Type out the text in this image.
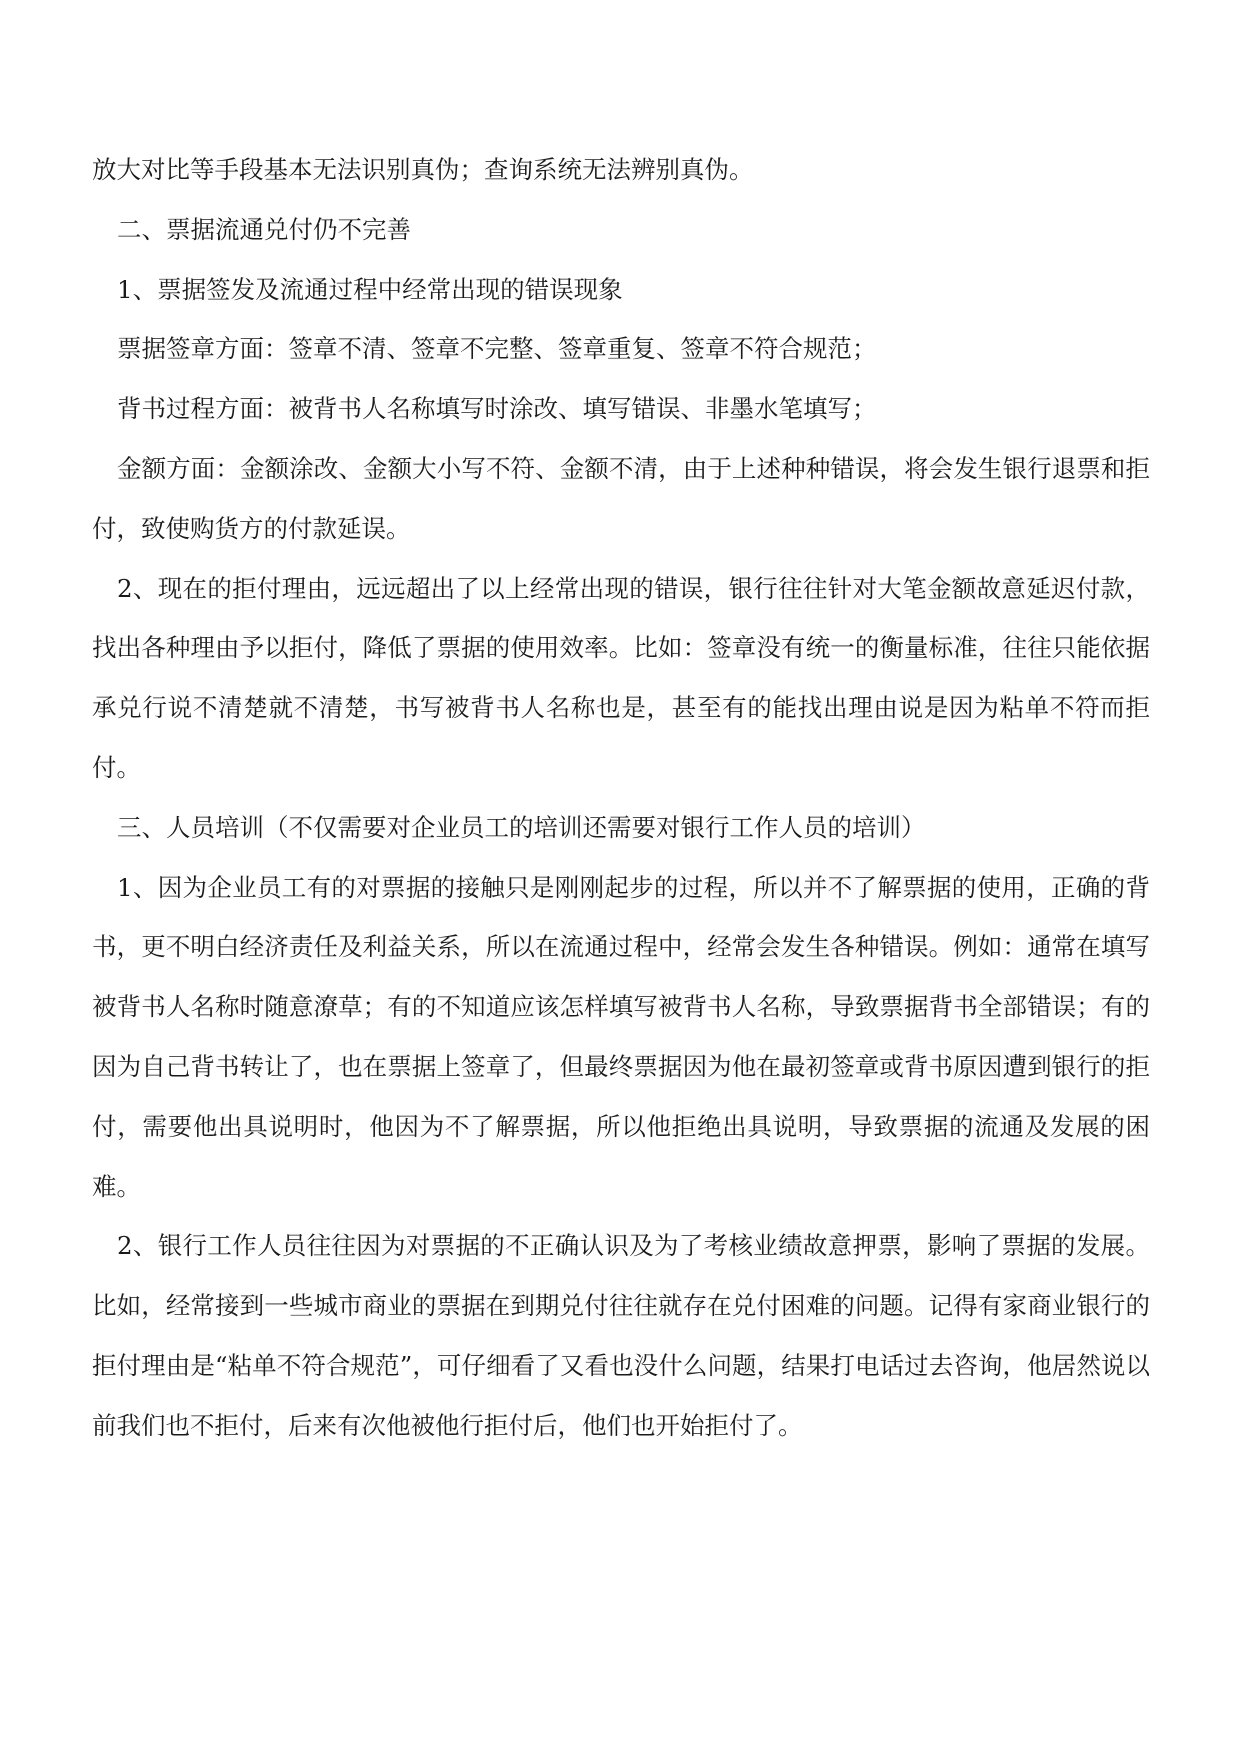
放大对比等手段基本无法识别真伪；查询系统无法辨别真伪。

二、票据流通兑付仍不完善

1、票据签发及流通过程中经常出现的错误现象

票据签章方面：签章不清、签章不完整、签章重复、签章不符合规范；

背书过程方面：被背书人名称填写时涂改、填写错误、非墨水笔填写；

金额方面：金额涂改、金额大小写不符、金额不清，由于上述种种错误，将会发生银行退票和拒付，致使购货方的付款延误。

2、现在的拒付理由，远远超出了以上经常出现的错误，银行往往针对大笔金额故意延迟付款，找出各种理由予以拒付，降低了票据的使用效率。比如：签章没有统一的衡量标准，往往只能依据承兑行说不清楚就不清楚，书写被背书人名称也是，甚至有的能找出理由说是因为粘单不符而拒付。

三、人员培训（不仅需要对企业员工的培训还需要对银行工作人员的培训）

1、因为企业员工有的对票据的接触只是刚刚起步的过程，所以并不了解票据的使用，正确的背书，更不明白经济责任及利益关系，所以在流通过程中，经常会发生各种错误。例如：通常在填写被背书人名称时随意潦草；有的不知道应该怎样填写被背书人名称，导致票据背书全部错误；有的因为自己背书转让了，也在票据上签章了，但最终票据因为他在最初签章或背书原因遭到银行的拒付，需要他出具说明时，他因为不了解票据，所以他拒绝出具说明，导致票据的流通及发展的困难。

2、银行工作人员往往因为对票据的不正确认识及为了考核业绩故意押票，影响了票据的发展。比如，经常接到一些城市商业的票据在到期兑付往往就存在兑付困难的问题。记得有家商业银行的拒付理由是“粘单不符合规范”，可仔细看了又看也没什么问题，结果打电话过去咨询，他居然说以前我们也不拒付，后来有次他被他行拒付后，他们也开始拒付了。
